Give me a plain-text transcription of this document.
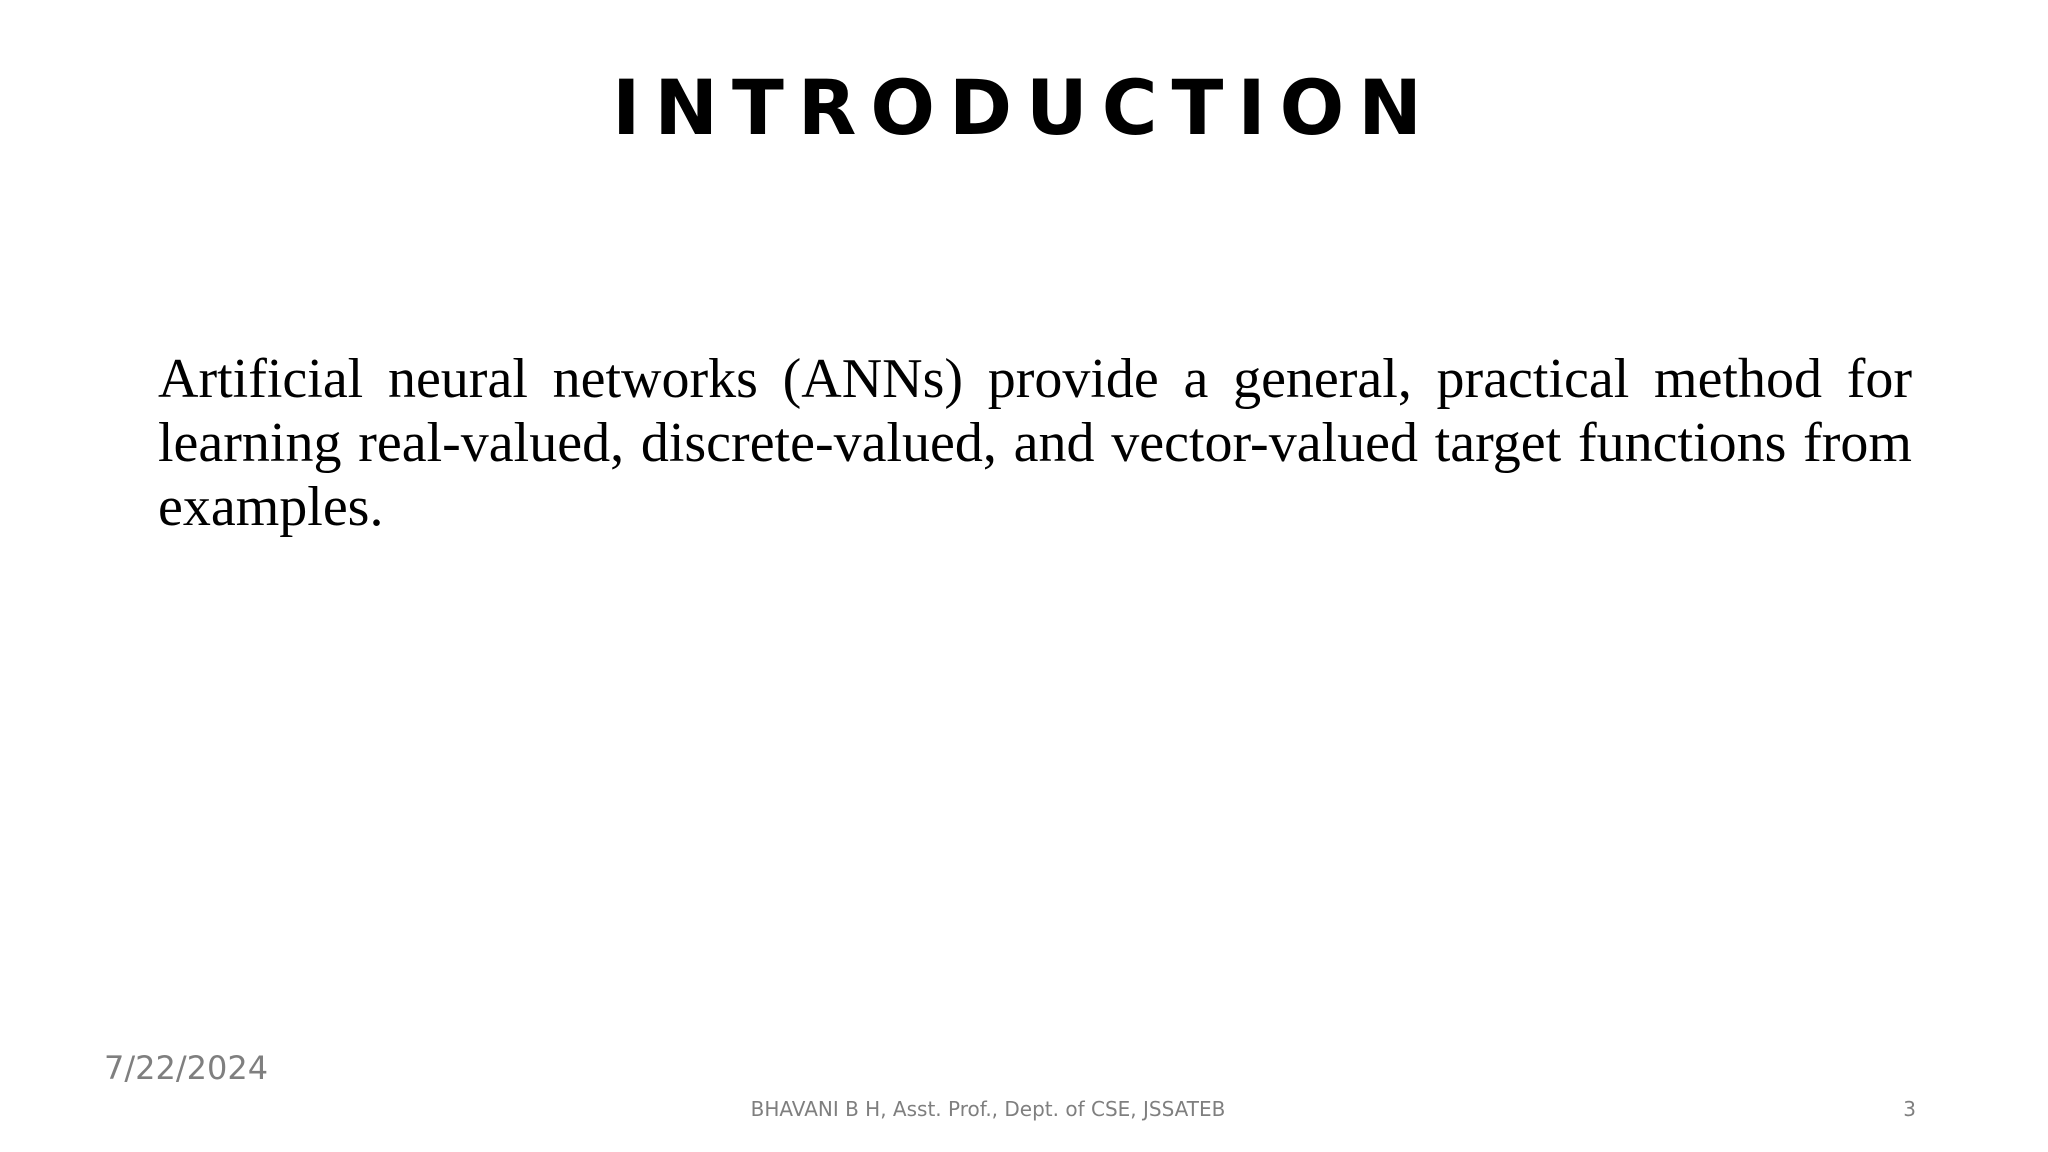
INTRODUCTION

Artificial neural networks (ANNs) provide a general, practical method for learning real-valued, discrete-valued, and vector-valued target functions from examples.

7/22/2024
BHAVANI B H, Asst. Prof., Dept. of CSE, JSSATEB	3
